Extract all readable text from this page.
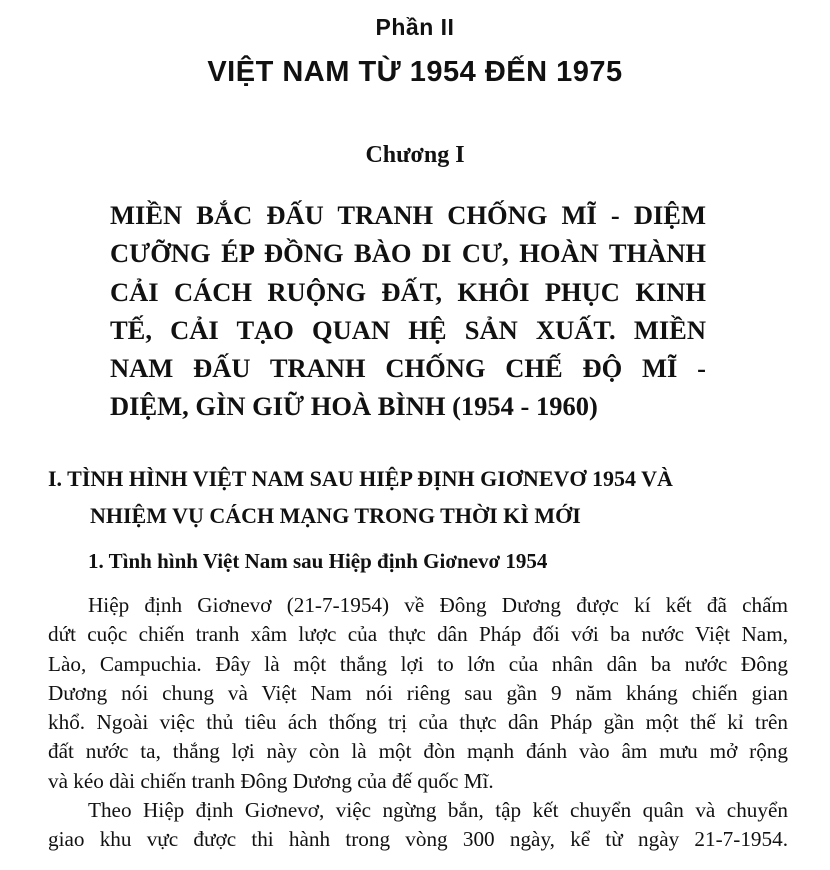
Phần II
VIỆT NAM TỪ 1954 ĐẾN 1975
Chương I
MIỀN BẮC ĐẤU TRANH CHỐNG MĨ - DIỆM
CƯỠNG ÉP ĐỒNG BÀO DI CƯ, HOÀN THÀNH
CẢI CÁCH RUỘNG ĐẤT, KHÔI PHỤC KINH
TẾ, CẢI TẠO QUAN HỆ SẢN XUẤT. MIỀN
NAM ĐẤU TRANH CHỐNG CHẾ ĐỘ MĨ -
DIỆM, GÌN GIỮ HOÀ BÌNH (1954 - 1960)
I. TÌNH HÌNH VIỆT NAM SAU HIỆP ĐỊNH GIƠNEVƠ 1954 VÀ
NHIỆM VỤ CÁCH MẠNG TRONG THỜI KÌ MỚI
1. Tình hình Việt Nam sau Hiệp định Giơnevơ 1954
Hiệp định Giơnevơ (21-7-1954) về Đông Dương được kí kết đã chấm
dứt cuộc chiến tranh xâm lược của thực dân Pháp đối với ba nước Việt Nam,
Lào, Campuchia. Đây là một thắng lợi to lớn của nhân dân ba nước Đông
Dương nói chung và Việt Nam nói riêng sau gần 9 năm kháng chiến gian
khổ. Ngoài việc thủ tiêu ách thống trị của thực dân Pháp gần một thế kỉ trên
đất nước ta, thắng lợi này còn là một đòn mạnh đánh vào âm mưu mở rộng
và kéo dài chiến tranh Đông Dương của đế quốc Mĩ.
Theo Hiệp định Giơnevơ, việc ngừng bắn, tập kết chuyển quân và chuyển
giao khu vực được thi hành trong vòng 300 ngày, kể từ ngày 21-7-1954.
